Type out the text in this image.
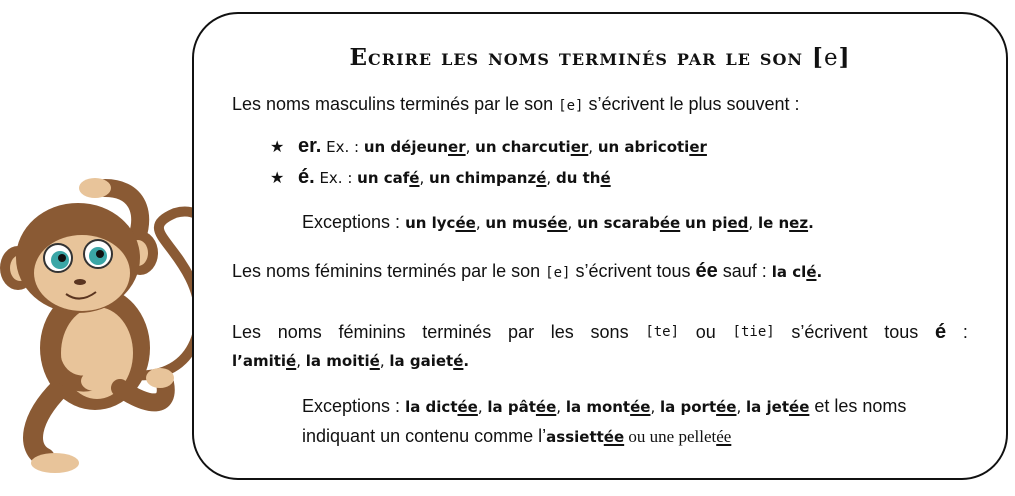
Ecrire les noms terminés par le son [e]
Les noms masculins terminés par le son [e] s’écrivent le plus souvent :
★ er. Ex. : un déjeuner, un charcutier, un abricotier
★ é. Ex. : un café, un chimpanzé, du thé
Exceptions : un lycée, un musée, un scarabée un pied, le nez.
Les noms féminins terminés par le son [e] s’écrivent tous ée sauf : la clé.
Les noms féminins terminés par les sons [te] ou [tie] s’écrivent tous é :
l’amitié, la moitié, la gaieté.
Exceptions : la dictée, la pâtée, la montée, la portée, la jetée et les noms
indiquant un contenu comme l’assiettée ou une pelletée
